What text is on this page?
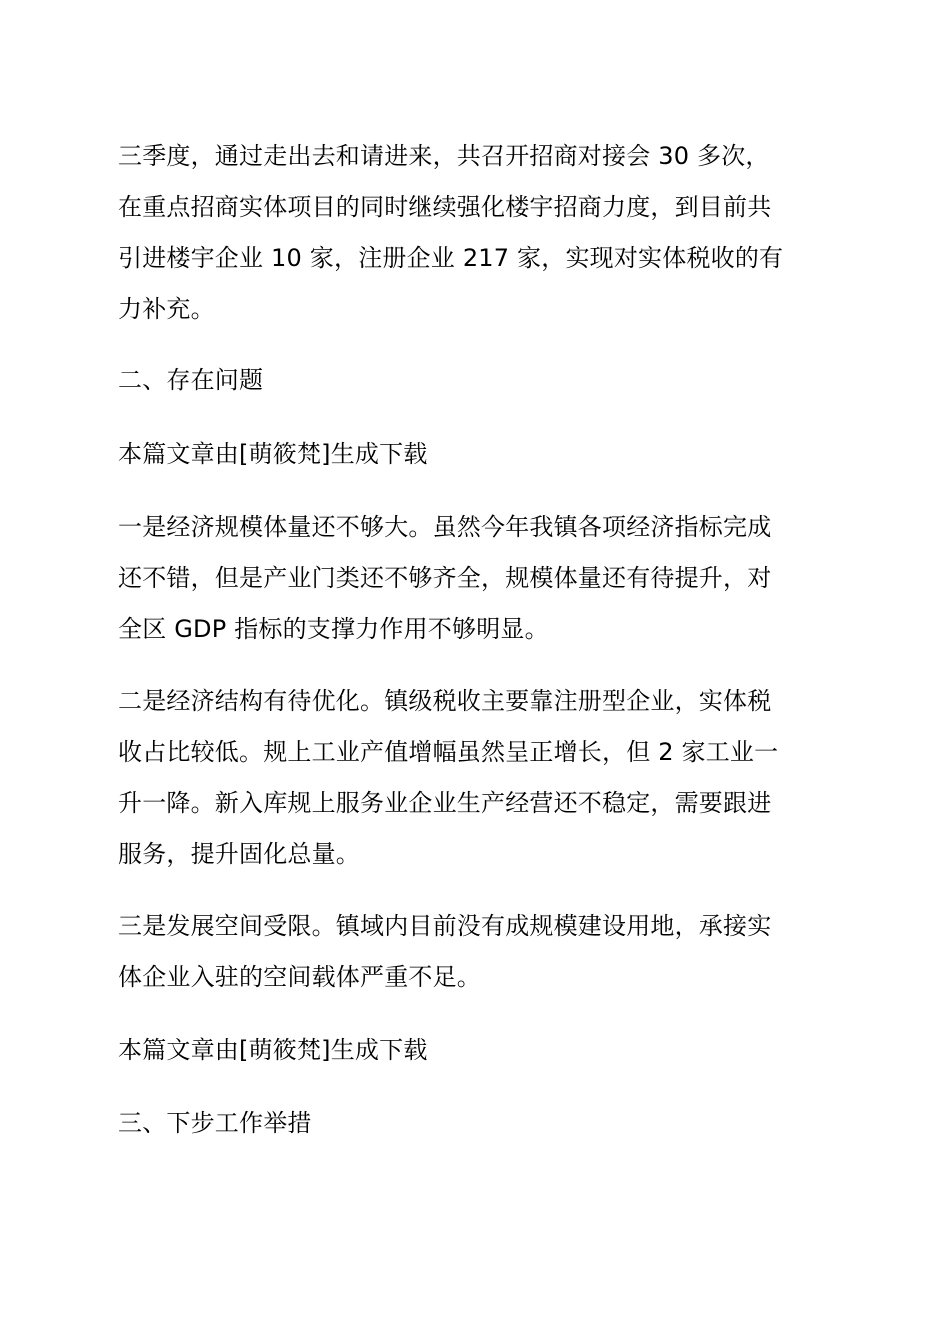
三季度，通过走出去和请进来，共召开招商对接会 30 多次，
在重点招商实体项目的同时继续强化楼宇招商力度，到目前共
引进楼宇企业 10 家，注册企业 217 家，实现对实体税收的有
力补充。

二、存在问题

本篇文章由[萌筱梵]生成下载

一是经济规模体量还不够大。虽然今年我镇各项经济指标完成
还不错，但是产业门类还不够齐全，规模体量还有待提升，对
全区 GDP 指标的支撑力作用不够明显。

二是经济结构有待优化。镇级税收主要靠注册型企业，实体税
收占比较低。规上工业产值增幅虽然呈正增长，但 2 家工业一
升一降。新入库规上服务业企业生产经营还不稳定，需要跟进
服务，提升固化总量。

三是发展空间受限。镇域内目前没有成规模建设用地，承接实
体企业入驻的空间载体严重不足。

本篇文章由[萌筱梵]生成下载

三、下步工作举措
